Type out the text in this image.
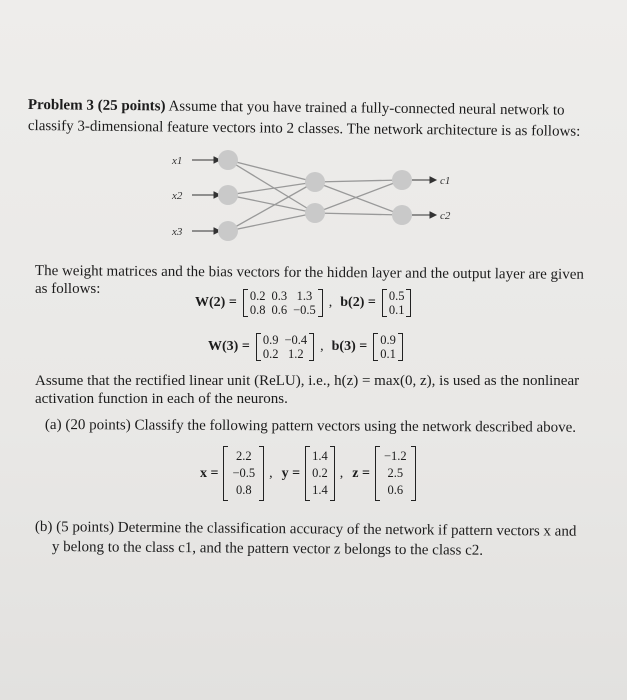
Problem 3 (25 points) Assume that you have trained a fully-connected neural network to
classify 3-dimensional feature vectors into 2 classes. The network architecture is as follows:
x1
x2
x3
c1
c2
The weight matrices and the bias vectors for the hidden layer and the output layer are given
as follows:
W(2) = 0.2	0.3	1.3
0.8	0.6	−0.5 , b(2) = 0.5
0.1
W(3) = 0.9	−0.4
0.2	1.2 , b(3) = 0.9
0.1
Assume that the rectified linear unit (ReLU), i.e., h(z) = max(0, z), is used as the nonlinear
activation function in each of the neurons.
(a) (20 points) Classify the following pattern vectors using the network described above.
x =
2.2
−0.5
0.8
, y =
1.4
0.2
1.4
, z =
−1.2
2.5
0.6
(b) (5 points) Determine the classification accuracy of the network if pattern vectors x and
y belong to the class c1, and the pattern vector z belongs to the class c2.
